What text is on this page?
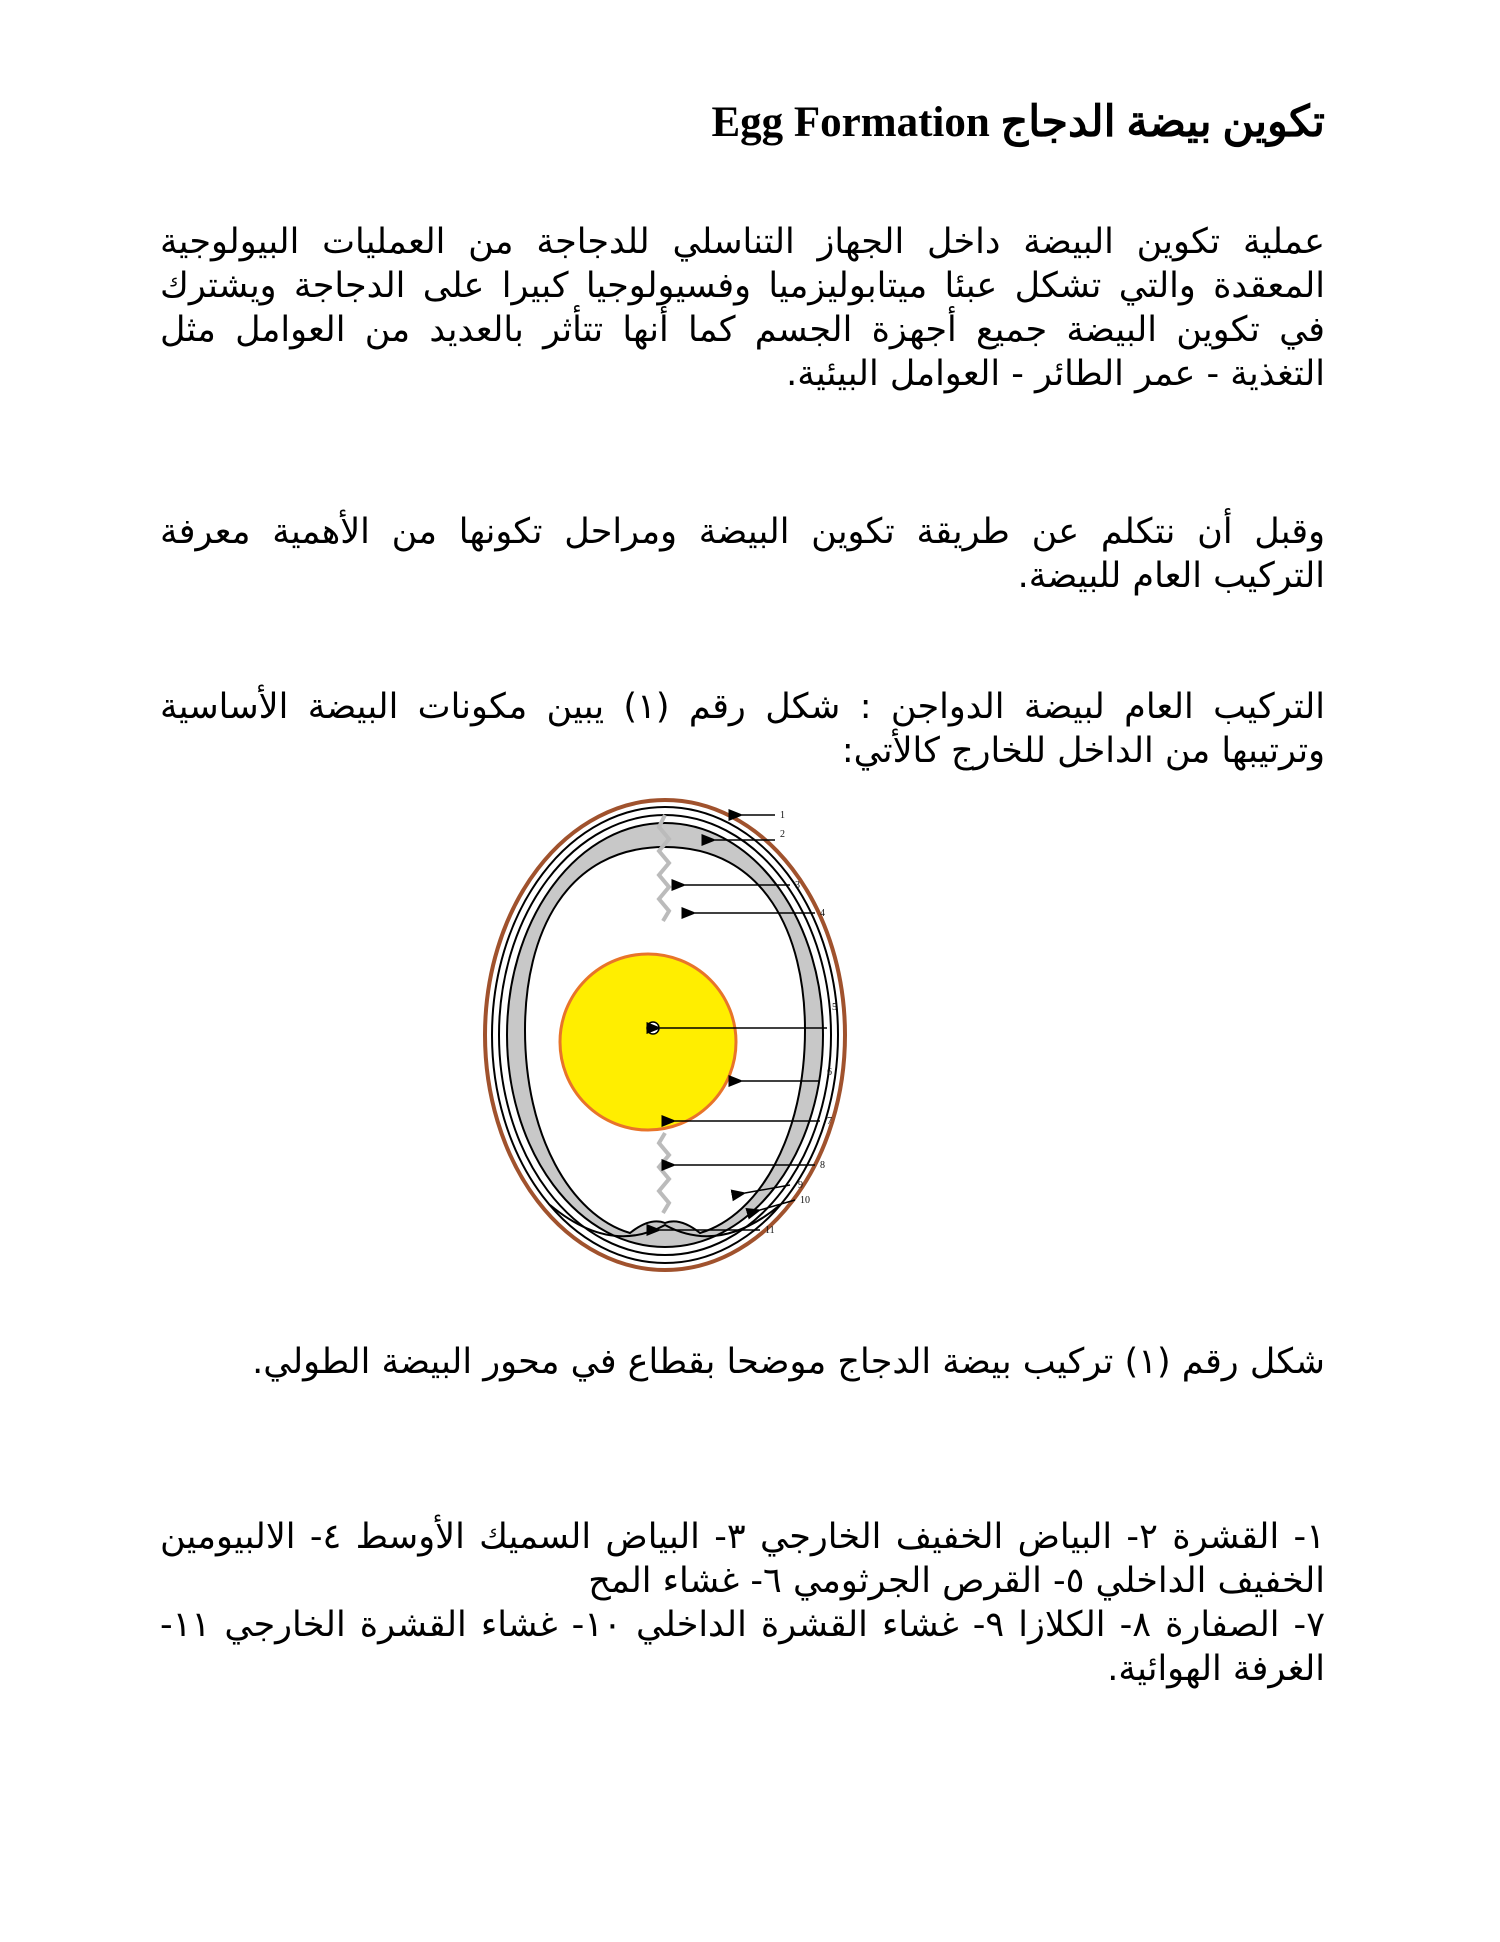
تكوين بيضة الدجاج Egg Formation

عملية تكوين البيضة داخل الجهاز التناسلي للدجاجة من العمليات البيولوجية المعقدة والتي تشكل عبئا ميتابوليزميا وفسيولوجيا كبيرا على الدجاجة ويشترك في تكوين البيضة جميع أجهزة الجسم كما أنها تتأثر بالعديد من العوامل مثل التغذية - عمر الطائر - العوامل البيئية.

وقبل أن نتكلم عن طريقة تكوين البيضة ومراحل تكونها من الأهمية معرفة التركيب العام للبيضة.

التركيب العام لبيضة الدواجن : شكل رقم (١) يبين مكونات البيضة الأساسية وترتيبها من الداخل للخارج كالأتي:

شكل رقم (١) تركيب بيضة الدجاج موضحا بقطاع في محور البيضة الطولي.

١- القشرة ٢- البياض الخفيف الخارجي ٣- البياض السميك الأوسط ٤- الالبيومين الخفيف الداخلي ٥- القرص الجرثومي ٦- غشاء المح

٧- الصفارة ٨- الكلازا ٩- غشاء القشرة الداخلي ١٠- غشاء القشرة الخارجي ١١- الغرفة الهوائية.

1
2
3
4
5
6
7
8
9
10
11
